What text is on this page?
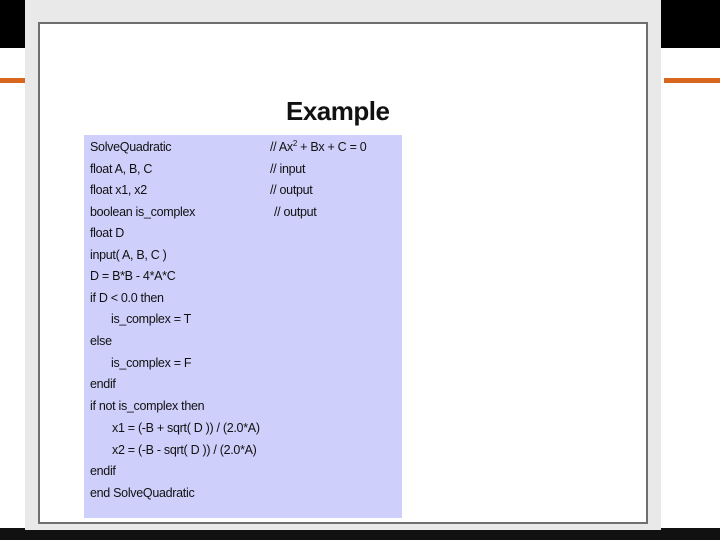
Example

SolveQuadratic

	// $Ax^2 + Bx + C = 0$

float A, B, C

	// input

float x1, x2

	// output

boolean is_complex

	// output

float D

input( A, B, C )

D = B*B - 4*A*C

if D < 0.0 then

is_complex = T

else

is_complex = F

endif

if not is_complex then

x1 = (-B + sqrt( D )) / (2.0*A)

x2 = (-B - sqrt( D )) / (2.0*A)

endif

end SolveQuadratic
